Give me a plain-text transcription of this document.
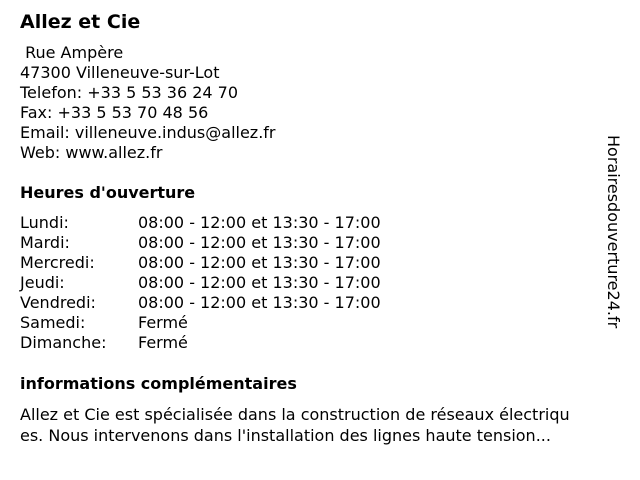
Allez et Cie
Rue Ampère
47300 Villeneuve-sur-Lot
Telefon: +33 5 53 36 24 70
Fax: +33 5 53 70 48 56
Email: villeneuve.indus@allez.fr
Web: www.allez.fr
Heures d'ouverture
Lundi:	08:00 - 12:00 et 13:30 - 17:00
Mardi:	08:00 - 12:00 et 13:30 - 17:00
Mercredi:	08:00 - 12:00 et 13:30 - 17:00
Jeudi:	08:00 - 12:00 et 13:30 - 17:00
Vendredi:	08:00 - 12:00 et 13:30 - 17:00
Samedi:	Fermé
Dimanche: Fermé
informations complémentaires
Allez et Cie est spécialisée dans la construction de réseaux électriqu
es. Nous intervenons dans l'installation des lignes haute tension...
Horairesdouverture24.fr
